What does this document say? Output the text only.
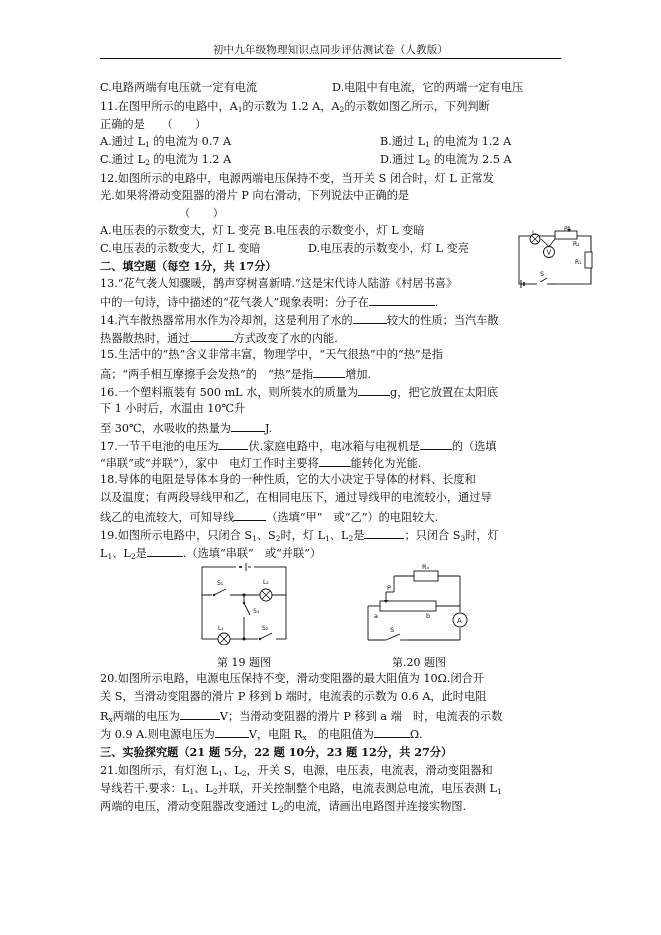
初中九年级物理知识点同步评估测试卷（人教版）
C.电路两端有电压就一定有电流	D.电阻中有电流，它的两端一定有电压
11.在图甲所示的电路中，$A_1$的示数为 1.2 A，$A_2$的示数如图乙所示，下列判断
正确的是　　（　　）
A.通过 $L_1$ 的电流为 0.7 A	B.通过 $L_1$ 的电流为 1.2 A
C.通过 $L_2$ 的电流为 1.2 A	D.通过 $L_2$ 的电流为 2.5 A
12.如图所示的电路中，电源两端电压保持不变，当开关 S 闭合时，灯 L 正常发
光.如果将滑动变阻器的滑片 P 向右滑动，下列说法中正确的是
　　　　（　　）
A.电压表的示数变大，灯 L 变亮 B.电压表的示数变小，灯 L 变暗
C.电压表的示数变大，灯 L 变暗	D.电压表的示数变小，灯 L 变亮
二、填空题（每空 1分，共 17分）
13.“花气袭人知骤暖，鹊声穿树喜新晴.”这是宋代诗人陆游《村居书喜》
中的一句诗，诗中描述的“花气袭人”现象表明：分子在	.
14.汽车散热器常用水作为冷却剂，这是利用了水的	较大的性质；当汽车散
热器散热时，通过	方式改变了水的内能.
15.生活中的“热”含义非常丰富，物理学中，“天气很热”中的“热”是指
高；“两手相互摩擦手会发热”的　“热”是指	增加.
16.一个塑料瓶装有 500 mL 水，则所装水的质量为	g，把它放置在太阳底
下 1 小时后，水温由 10℃升
至 30℃，水吸收的热量为	J.
17.一节干电池的电压为	伏.家庭电路中，电冰箱与电视机是	的（选填
“串联”或“并联”），家中　电灯工作时主要将	能转化为光能.
18.导体的电阻是导体本身的一种性质，它的大小决定于导体的材料、长度和
以及温度；有两段导线甲和乙，在相同电压下，通过导线甲的电流较小，通过导
线乙的电流较大，可知导线	（选填“甲”　或“乙”）的电阻较大.
19.如图所示电路中，只闭合 $S_1$、$S_2$时，灯 $L_1$、$L_2$是	；只闭合 $S_3$时，灯
$L_1$、$L_2$是	.（选填“串联”　或“并联”）
20.如图所示电路，电源电压保持不变，滑动变阻器的最大阻值为 10Ω.闭合开
关 S，当滑动变阻器的滑片 P 移到 b 端时，电流表的示数为 0.6 A，此时电阻
$R_x$两端的电压为	V；当滑动变阻器的滑片 P 移到 a 端　时，电流表的示数
为 0.9 A.则电源电压为	V，电阻 $R_x$　的电阻值为	Ω.
三、实验探究题（21 题 5分，22 题 10分，23 题 12分，共 27分）
21.如图所示，有灯泡 $L_1$、$L_2$，开关 S，电源，电压表，电流表，滑动变阻器和
导线若干.要求：$L_1$、$L_2$并联，开关控制整个电路，电流表测总电流，电压表测 $L_1$
两端的电压，滑动变阻器改变通过 $L_2$的电流，请画出电路图并连接实物图.
L
V
P
R₂
R₁
S
S₁	L₂
S₃
L₁	S₂
Rₓ
P
a	b
A
S
第 19 题图	第.20 题图
